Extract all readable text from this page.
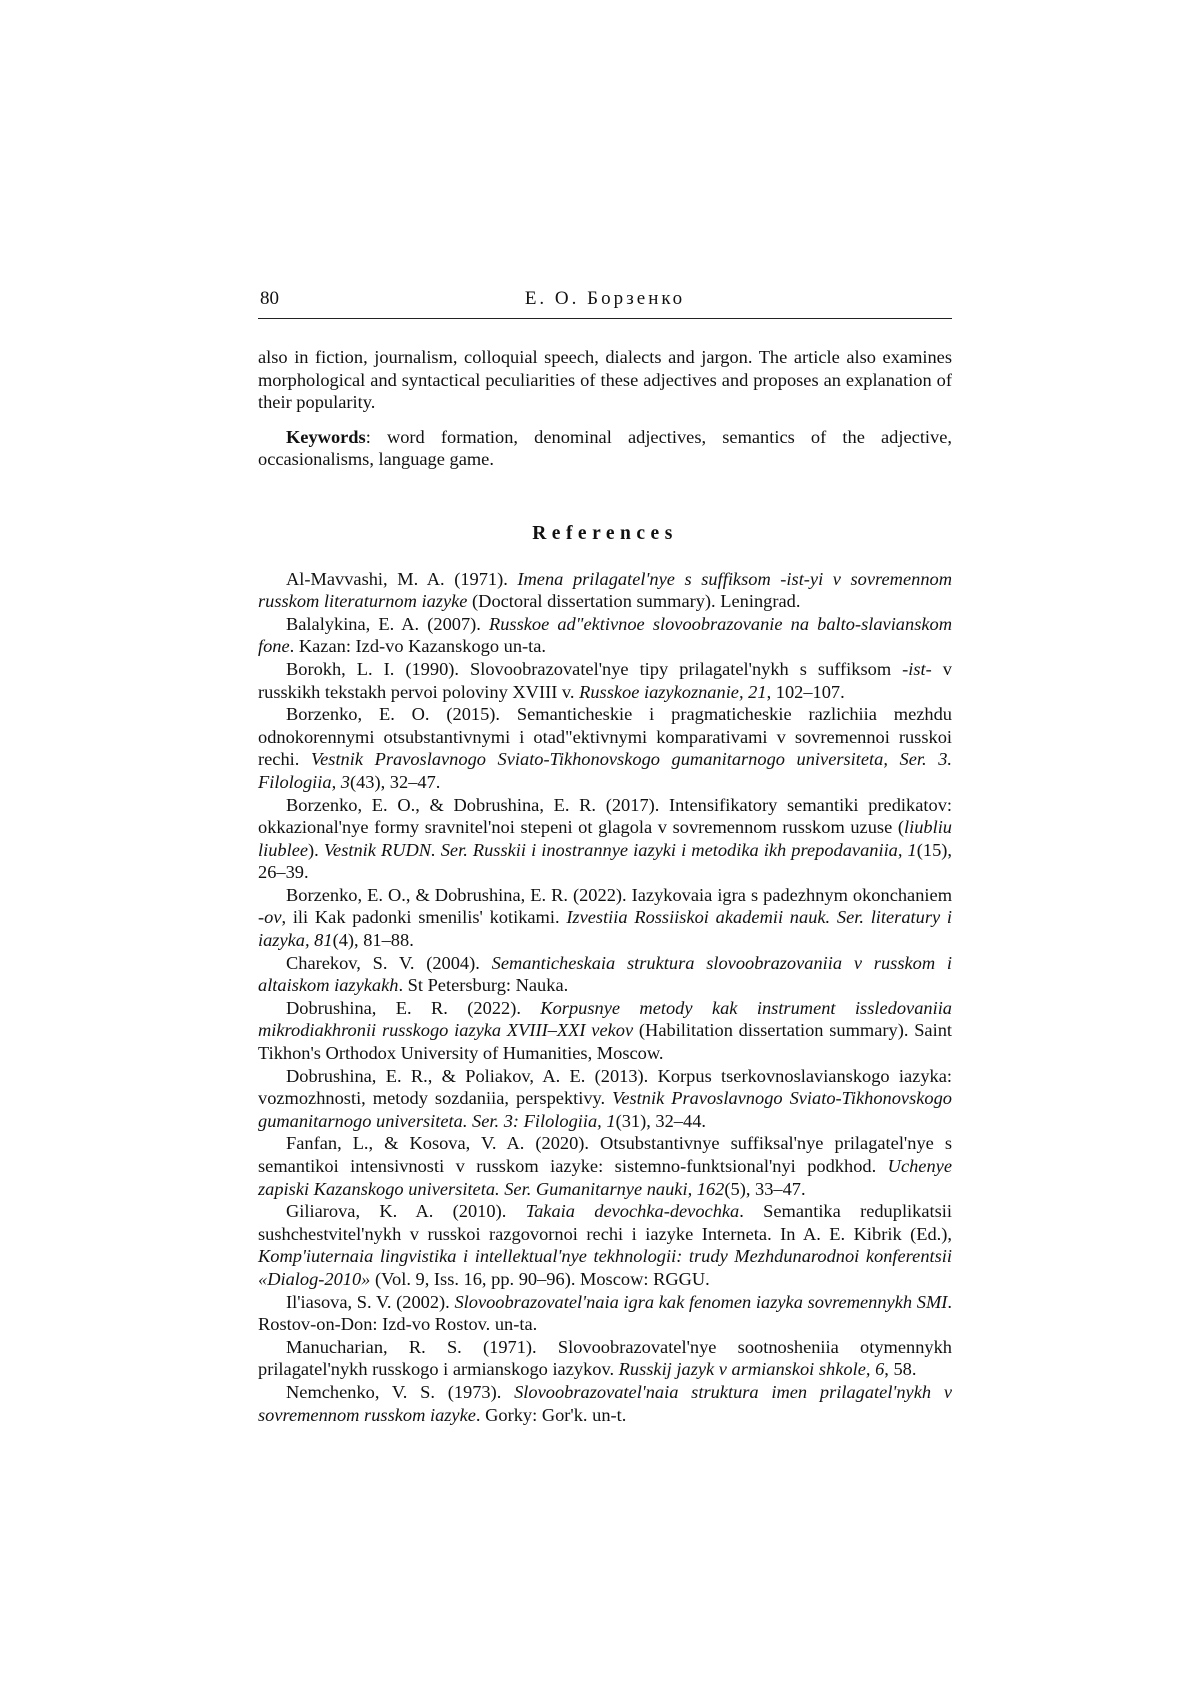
80	Е. О. Борзенко

also in fiction, journalism, colloquial speech, dialects and jargon. The article also examines morphological and syntactical peculiarities of these adjectives and proposes an explanation of their popularity.

Keywords: word formation, denominal adjectives, semantics of the adjective, occasionalisms, language game.

References

Al-Mavvashi, M. A. (1971). Imena prilagatel'nye s suffiksom -ist-yi v sovremennom russkom literaturnom iazyke (Doctoral dissertation summary). Leningrad.

Balalykina, E. A. (2007). Russkoe ad"ektivnoe slovoobrazovanie na balto-slavianskom fone. Kazan: Izd-vo Kazanskogo un-ta.

Borokh, L. I. (1990). Slovoobrazovatel'nye tipy prilagatel'nykh s suffiksom -ist- v russkikh tekstakh pervoi poloviny XVIII v. Russkoe iazykoznanie, 21, 102–107.

Borzenko, E. O. (2015). Semanticheskie i pragmaticheskie razlichiia mezhdu odnokorennymi otsubstantivnymi i otad"ektivnymi komparativami v sovremennoi russkoi rechi. Vestnik Pravoslavnogo Sviato-Tikhonovskogo gumanitarnogo universiteta, Ser. 3. Filologiia, 3(43), 32–47.

Borzenko, E. O., & Dobrushina, E. R. (2017). Intensifikatory semantiki predikatov: okkazional'nye formy sravnitel'noi stepeni ot glagola v sovremennom russkom uzuse (liubliu liublee). Vestnik RUDN. Ser. Russkii i inostrannye iazyki i metodika ikh prepodavaniia, 1(15), 26–39.

Borzenko, E. O., & Dobrushina, E. R. (2022). Iazykovaia igra s padezhnym okonchaniem -ov, ili Kak padonki smenilis' kotikami. Izvestiia Rossiiskoi akademii nauk. Ser. literatury i iazyka, 81(4), 81–88.

Charekov, S. V. (2004). Semanticheskaia struktura slovoobrazovaniia v russkom i altaiskom iazykakh. St Petersburg: Nauka.

Dobrushina, E. R. (2022). Korpusnye metody kak instrument issledovaniia mikrodiakhronii russkogo iazyka XVIII–XXI vekov (Habilitation dissertation summary). Saint Tikhon's Orthodox University of Humanities, Moscow.

Dobrushina, E. R., & Poliakov, A. E. (2013). Korpus tserkovnoslavianskogo iazyka: vozmozhnosti, metody sozdaniia, perspektivy. Vestnik Pravoslavnogo Sviato-Tikhonovskogo gumanitarnogo universiteta. Ser. 3: Filologiia, 1(31), 32–44.

Fanfan, L., & Kosova, V. A. (2020). Otsubstantivnye suffiksal'nye prilagatel'nye s semantikoi intensivnosti v russkom iazyke: sistemno-funktsional'nyi podkhod. Uchenye zapiski Kazanskogo universiteta. Ser. Gumanitarnye nauki, 162(5), 33–47.

Giliarova, K. A. (2010). Takaia devochka-devochka. Semantika reduplikatsii sushchestvitel'nykh v russkoi razgovornoi rechi i iazyke Interneta. In A. E. Kibrik (Ed.), Komp'iuternaia lingvistika i intellektual'nye tekhnologii: trudy Mezhdunarodnoi konferentsii «Dialog-2010» (Vol. 9, Iss. 16, pp. 90–96). Moscow: RGGU.

Il'iasova, S. V. (2002). Slovoobrazovatel'naia igra kak fenomen iazyka sovremennykh SMI. Rostov-on-Don: Izd-vo Rostov. un-ta.

Manucharian, R. S. (1971). Slovoobrazovatel'nye sootnosheniia otymennykh prilagatel'nykh russkogo i armianskogo iazykov. Russkij jazyk v armianskoi shkole, 6, 58.

Nemchenko, V. S. (1973). Slovoobrazovatel'naia struktura imen prilagatel'nykh v sovremennom russkom iazyke. Gorky: Gor'k. un-t.
